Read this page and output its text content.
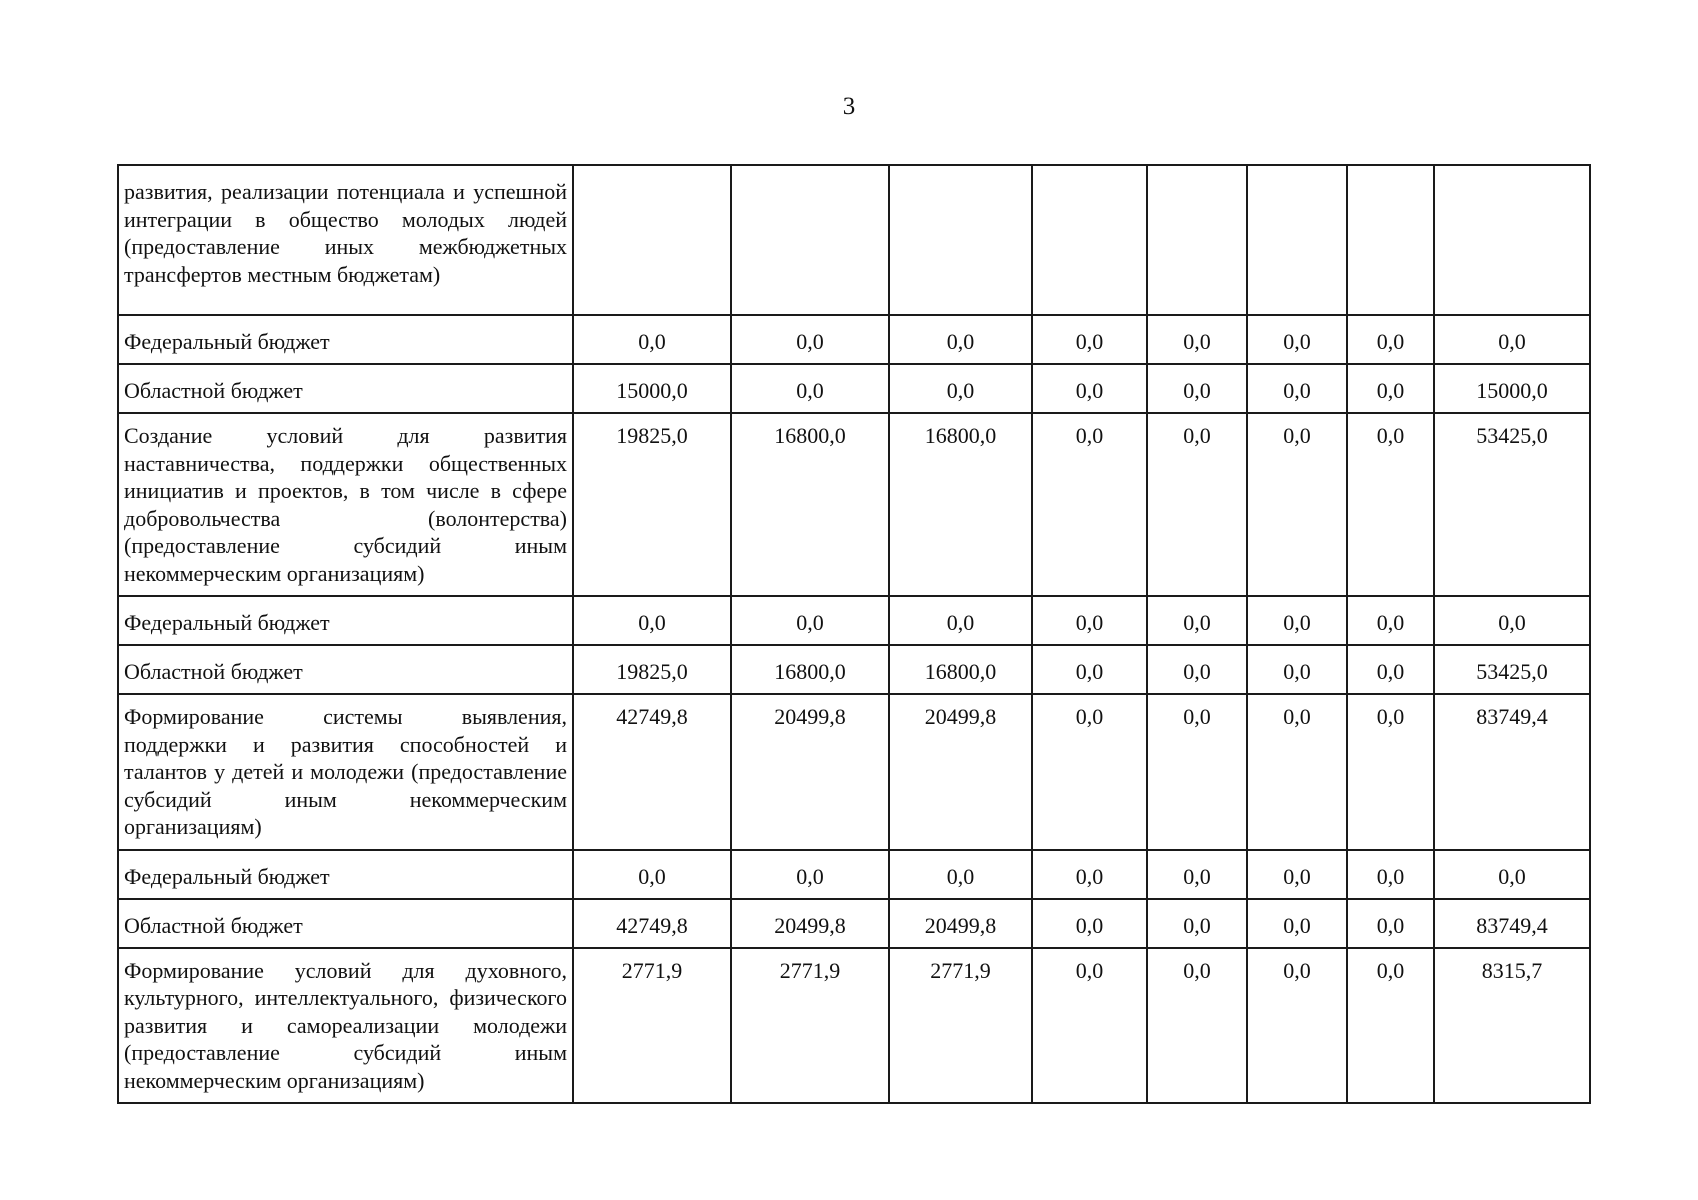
3
развития, реализации потенциала и успешной интеграции в общество молодых людей (предоставление иных межбюджетных трансфертов местным бюджетам)								
Федеральный бюджет	0,0	0,0	0,0	0,0	0,0	0,0	0,0	0,0
Областной бюджет	15000,0	0,0	0,0	0,0	0,0	0,0	0,0	15000,0
Создание условий для развития наставничества, поддержки общественных инициатив и проектов, в том числе в сфере добровольчества (волонтерства) (предоставление субсидий иным некоммерческим организациям)	19825,0	16800,0	16800,0	0,0	0,0	0,0	0,0	53425,0
Федеральный бюджет	0,0	0,0	0,0	0,0	0,0	0,0	0,0	0,0
Областной бюджет	19825,0	16800,0	16800,0	0,0	0,0	0,0	0,0	53425,0
Формирование системы выявления, поддержки и развития способностей и талантов у детей и молодежи (предоставление субсидий иным некоммерческим организациям)	42749,8	20499,8	20499,8	0,0	0,0	0,0	0,0	83749,4
Федеральный бюджет	0,0	0,0	0,0	0,0	0,0	0,0	0,0	0,0
Областной бюджет	42749,8	20499,8	20499,8	0,0	0,0	0,0	0,0	83749,4
Формирование условий для духовного, культурного, интеллектуального, физического развития и самореализации молодежи (предоставление субсидий иным некоммерческим организациям)	2771,9	2771,9	2771,9	0,0	0,0	0,0	0,0	8315,7
